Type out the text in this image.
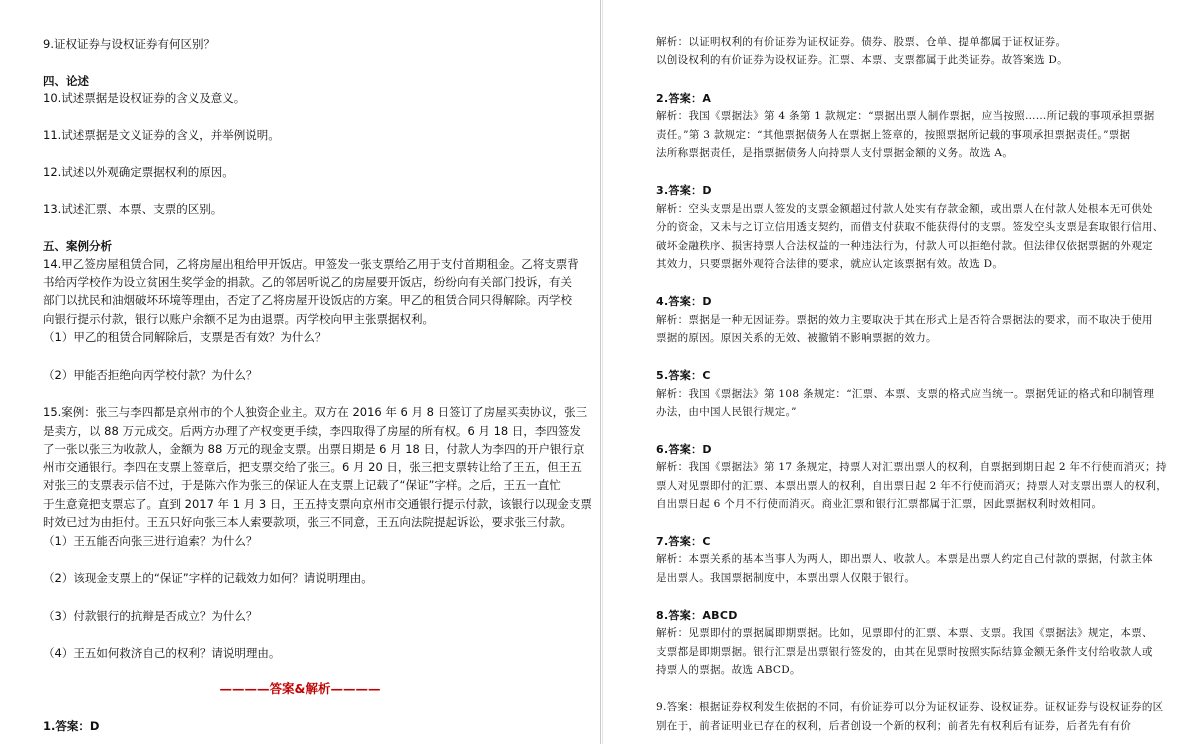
9.证权证券与设权证券有何区别？
四、论述
10.试述票据是设权证券的含义及意义。
11.试述票据是文义证券的含义，并举例说明。
12.试述以外观确定票据权利的原因。
13.试述汇票、本票、支票的区别。
五、案例分析
14.甲乙签房屋租赁合同，乙将房屋出租给甲开饭店。甲签发一张支票给乙用于支付首期租金。乙将支票背
书给丙学校作为设立贫困生奖学金的捐款。乙的邻居听说乙的房屋要开饭店，纷纷向有关部门投诉，有关
部门以扰民和油烟破坏环境等理由，否定了乙将房屋开设饭店的方案。甲乙的租赁合同只得解除。丙学校
向银行提示付款，银行以账户余额不足为由退票。丙学校向甲主张票据权利。
（1）甲乙的租赁合同解除后，支票是否有效？为什么？
（2）甲能否拒绝向丙学校付款？为什么？
15.案例：张三与李四都是京州市的个人独资企业主。双方在 2016 年 6 月 8 日签订了房屋买卖协议，张三
是卖方，以 88 万元成交。后两方办理了产权变更手续，李四取得了房屋的所有权。6 月 18 日，李四签发
了一张以张三为收款人，金额为 88 万元的现金支票。出票日期是 6 月 18 日，付款人为李四的开户银行京
州市交通银行。李四在支票上签章后，把支票交给了张三。6 月 20 日，张三把支票转让给了王五，但王五
对张三的支票表示信不过，于是陈六作为张三的保证人在支票上记载了“保证”字样。之后，王五一直忙
于生意竟把支票忘了。直到 2017 年 1 月 3 日，王五持支票向京州市交通银行提示付款，该银行以现金支票
时效已过为由拒付。王五只好向张三本人索要款项，张三不同意，王五向法院提起诉讼，要求张三付款。
（1）王五能否向张三进行追索？为什么？
（2）该现金支票上的“保证”字样的记载效力如何？请说明理由。
（3）付款银行的抗辩是否成立？为什么？
（4）王五如何救济自己的权利？请说明理由。
————答案&解析————
1.答案：D
解析：以证明权利的有价证券为证权证券。债券、股票、仓单、提单都属于证权证券。
以创设权利的有价证券为设权证券。汇票、本票、支票都属于此类证券。故答案选 D。
2.答案：A
解析：我国《票据法》第 4 条第 1 款规定：“票据出票人制作票据，应当按照……所记载的事项承担票据
责任。”第 3 款规定：“其他票据债务人在票据上签章的，按照票据所记载的事项承担票据责任。”票据
法所称票据责任，是指票据债务人向持票人支付票据金额的义务。故选 A。
3.答案：D
解析：空头支票是出票人签发的支票金额超过付款人处实有存款金额，或出票人在付款人处根本无可供处
分的资金，又未与之订立信用透支契约，而借支付获取不能获得付的支票。签发空头支票是套取银行信用、
破坏金融秩序、损害持票人合法权益的一种违法行为，付款人可以拒绝付款。但法律仅依据票据的外观定
其效力，只要票据外观符合法律的要求，就应认定该票据有效。故选 D。
4.答案：D
解析：票据是一种无因证券。票据的效力主要取决于其在形式上是否符合票据法的要求，而不取决于使用
票据的原因。原因关系的无效、被撤销不影响票据的效力。
5.答案：C
解析：我国《票据法》第 108 条规定：“汇票、本票、支票的格式应当统一。票据凭证的格式和印制管理
办法，由中国人民银行规定。”
6.答案：D
解析：我国《票据法》第 17 条规定，持票人对汇票出票人的权利，自票据到期日起 2 年不行使而消灭；持
票人对见票即付的汇票、本票出票人的权利，自出票日起 2 年不行使而消灭；持票人对支票出票人的权利，
自出票日起 6 个月不行使而消灭。商业汇票和银行汇票都属于汇票，因此票据权利时效相同。
7.答案：C
解析：本票关系的基本当事人为两人，即出票人、收款人。本票是出票人约定自己付款的票据，付款主体
是出票人。我国票据制度中，本票出票人仅限于银行。
8.答案：ABCD
解析：见票即付的票据属即期票据。比如，见票即付的汇票、本票、支票。我国《票据法》规定，本票、
支票都是即期票据。银行汇票是出票银行签发的，由其在见票时按照实际结算金额无条件支付给收款人或
持票人的票据。故选 ABCD。
9.答案：根据证券权利发生依据的不同，有价证券可以分为证权证券、设权证券。证权证券与设权证券的区
别在于，前者证明业已存在的权利，后者创设一个新的权利；前者先有权利后有证券，后者先有有价
